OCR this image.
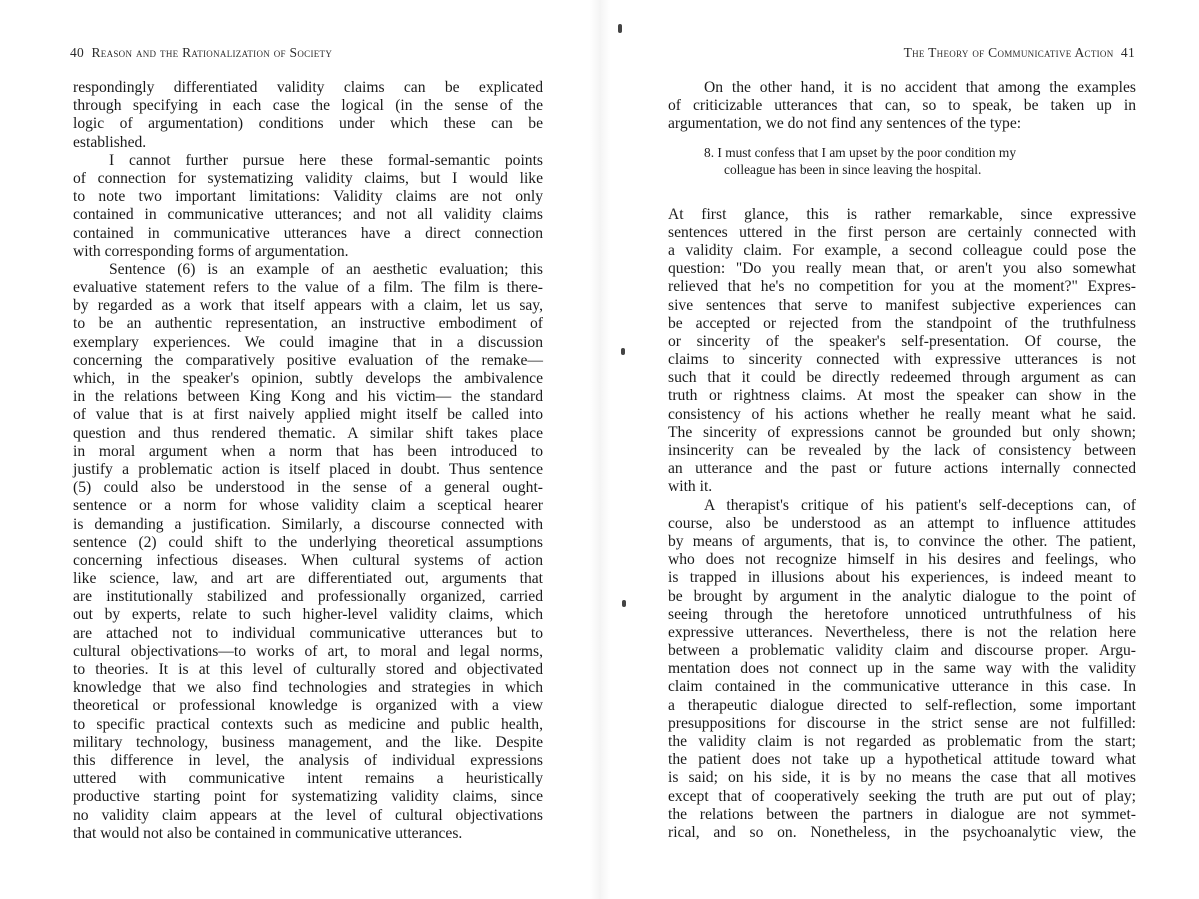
40 Reason and the Rationalization of Society
respondingly differentiated validity claims can be explicated
through specifying in each case the logical (in the sense of the
logic of argumentation) conditions under which these can be
established.
I cannot further pursue here these formal-semantic points
of connection for systematizing validity claims, but I would like
to note two important limitations: Validity claims are not only
contained in communicative utterances; and not all validity claims
contained in communicative utterances have a direct connection
with corresponding forms of argumentation.
Sentence (6) is an example of an aesthetic evaluation; this
evaluative statement refers to the value of a film. The film is there-
by regarded as a work that itself appears with a claim, let us say,
to be an authentic representation, an instructive embodiment of
exemplary experiences. We could imagine that in a discussion
concerning the comparatively positive evaluation of the remake—
which, in the speaker's opinion, subtly develops the ambivalence
in the relations between King Kong and his victim— the standard
of value that is at first naively applied might itself be called into
question and thus rendered thematic. A similar shift takes place
in moral argument when a norm that has been introduced to
justify a problematic action is itself placed in doubt. Thus sentence
(5) could also be understood in the sense of a general ought-
sentence or a norm for whose validity claim a sceptical hearer
is demanding a justification. Similarly, a discourse connected with
sentence (2) could shift to the underlying theoretical assumptions
concerning infectious diseases. When cultural systems of action
like science, law, and art are differentiated out, arguments that
are institutionally stabilized and professionally organized, carried
out by experts, relate to such higher-level validity claims, which
are attached not to individual communicative utterances but to
cultural objectivations—to works of art, to moral and legal norms,
to theories. It is at this level of culturally stored and objectivated
knowledge that we also find technologies and strategies in which
theoretical or professional knowledge is organized with a view
to specific practical contexts such as medicine and public health,
military technology, business management, and the like. Despite
this difference in level, the analysis of individual expressions
uttered with communicative intent remains a heuristically
productive starting point for systematizing validity claims, since
no validity claim appears at the level of cultural objectivations
that would not also be contained in communicative utterances.
The Theory of Communicative Action 41
On the other hand, it is no accident that among the examples
of criticizable utterances that can, so to speak, be taken up in
argumentation, we do not find any sentences of the type:
8. I must confess that I am upset by the poor condition my
colleague has been in since leaving the hospital.
At first glance, this is rather remarkable, since expressive
sentences uttered in the first person are certainly connected with
a validity claim. For example, a second colleague could pose the
question: "Do you really mean that, or aren't you also somewhat
relieved that he's no competition for you at the moment?" Expres-
sive sentences that serve to manifest subjective experiences can
be accepted or rejected from the standpoint of the truthfulness
or sincerity of the speaker's self-presentation. Of course, the
claims to sincerity connected with expressive utterances is not
such that it could be directly redeemed through argument as can
truth or rightness claims. At most the speaker can show in the
consistency of his actions whether he really meant what he said.
The sincerity of expressions cannot be grounded but only shown;
insincerity can be revealed by the lack of consistency between
an utterance and the past or future actions internally connected
with it.
A therapist's critique of his patient's self-deceptions can, of
course, also be understood as an attempt to influence attitudes
by means of arguments, that is, to convince the other. The patient,
who does not recognize himself in his desires and feelings, who
is trapped in illusions about his experiences, is indeed meant to
be brought by argument in the analytic dialogue to the point of
seeing through the heretofore unnoticed untruthfulness of his
expressive utterances. Nevertheless, there is not the relation here
between a problematic validity claim and discourse proper. Argu-
mentation does not connect up in the same way with the validity
claim contained in the communicative utterance in this case. In
a therapeutic dialogue directed to self-reflection, some important
presuppositions for discourse in the strict sense are not fulfilled:
the validity claim is not regarded as problematic from the start;
the patient does not take up a hypothetical attitude toward what
is said; on his side, it is by no means the case that all motives
except that of cooperatively seeking the truth are put out of play;
the relations between the partners in dialogue are not symmet-
rical, and so on. Nonetheless, in the psychoanalytic view, the
